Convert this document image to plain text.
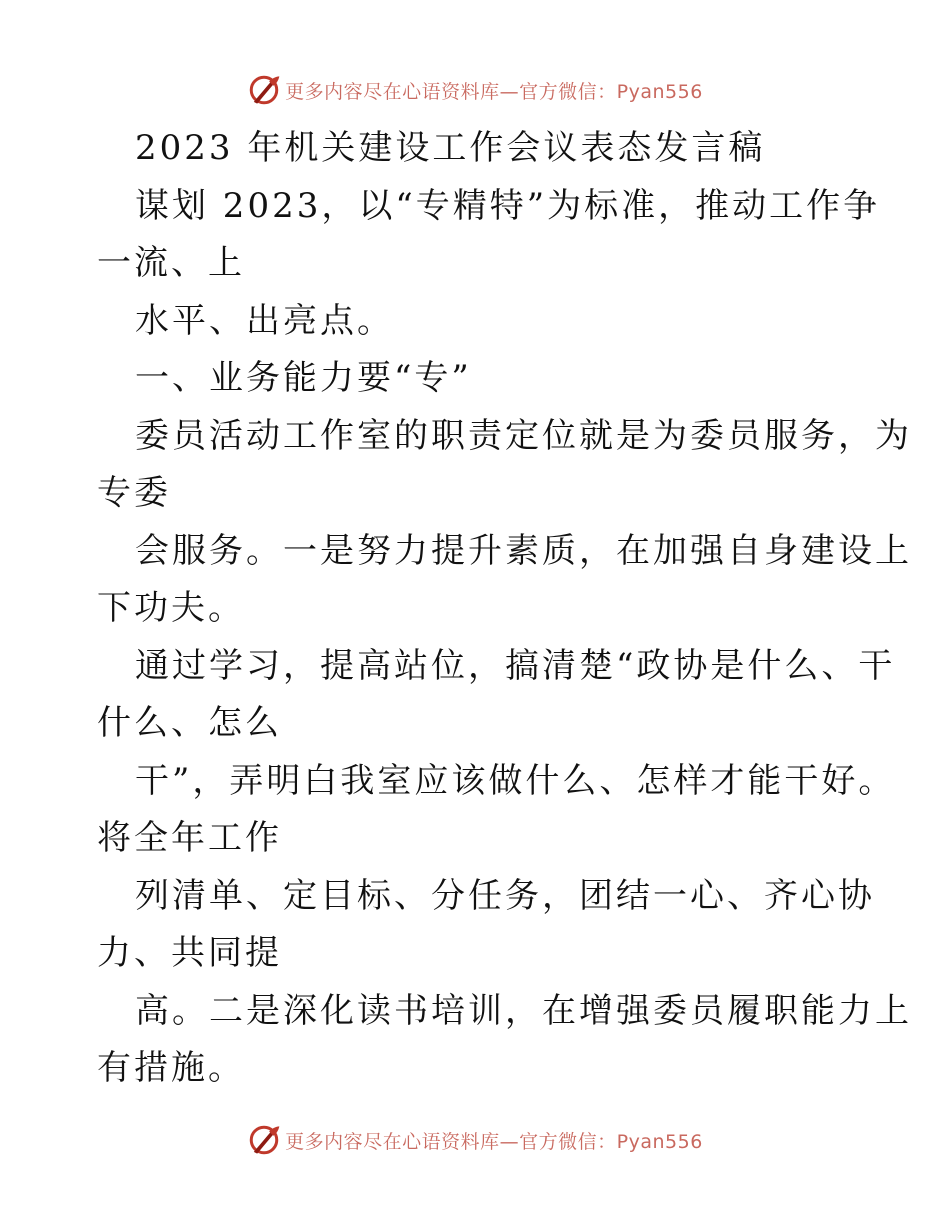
更多内容尽在心语资料库—官方微信：Pyan556
2023 年机关建设工作会议表态发言稿
谋划 2023，以“专精特”为标准，推动工作争
一流、上
水平、出亮点。
一、业务能力要“专”
委员活动工作室的职责定位就是为委员服务，为
专委
会服务。一是努力提升素质，在加强自身建设上
下功夫。
通过学习，提高站位，搞清楚“政协是什么、干
什么、怎么
干”，弄明白我室应该做什么、怎样才能干好。
将全年工作
列清单、定目标、分任务，团结一心、齐心协
力、共同提
高。二是深化读书培训，在增强委员履职能力上
有措施。
更多内容尽在心语资料库—官方微信：Pyan556
